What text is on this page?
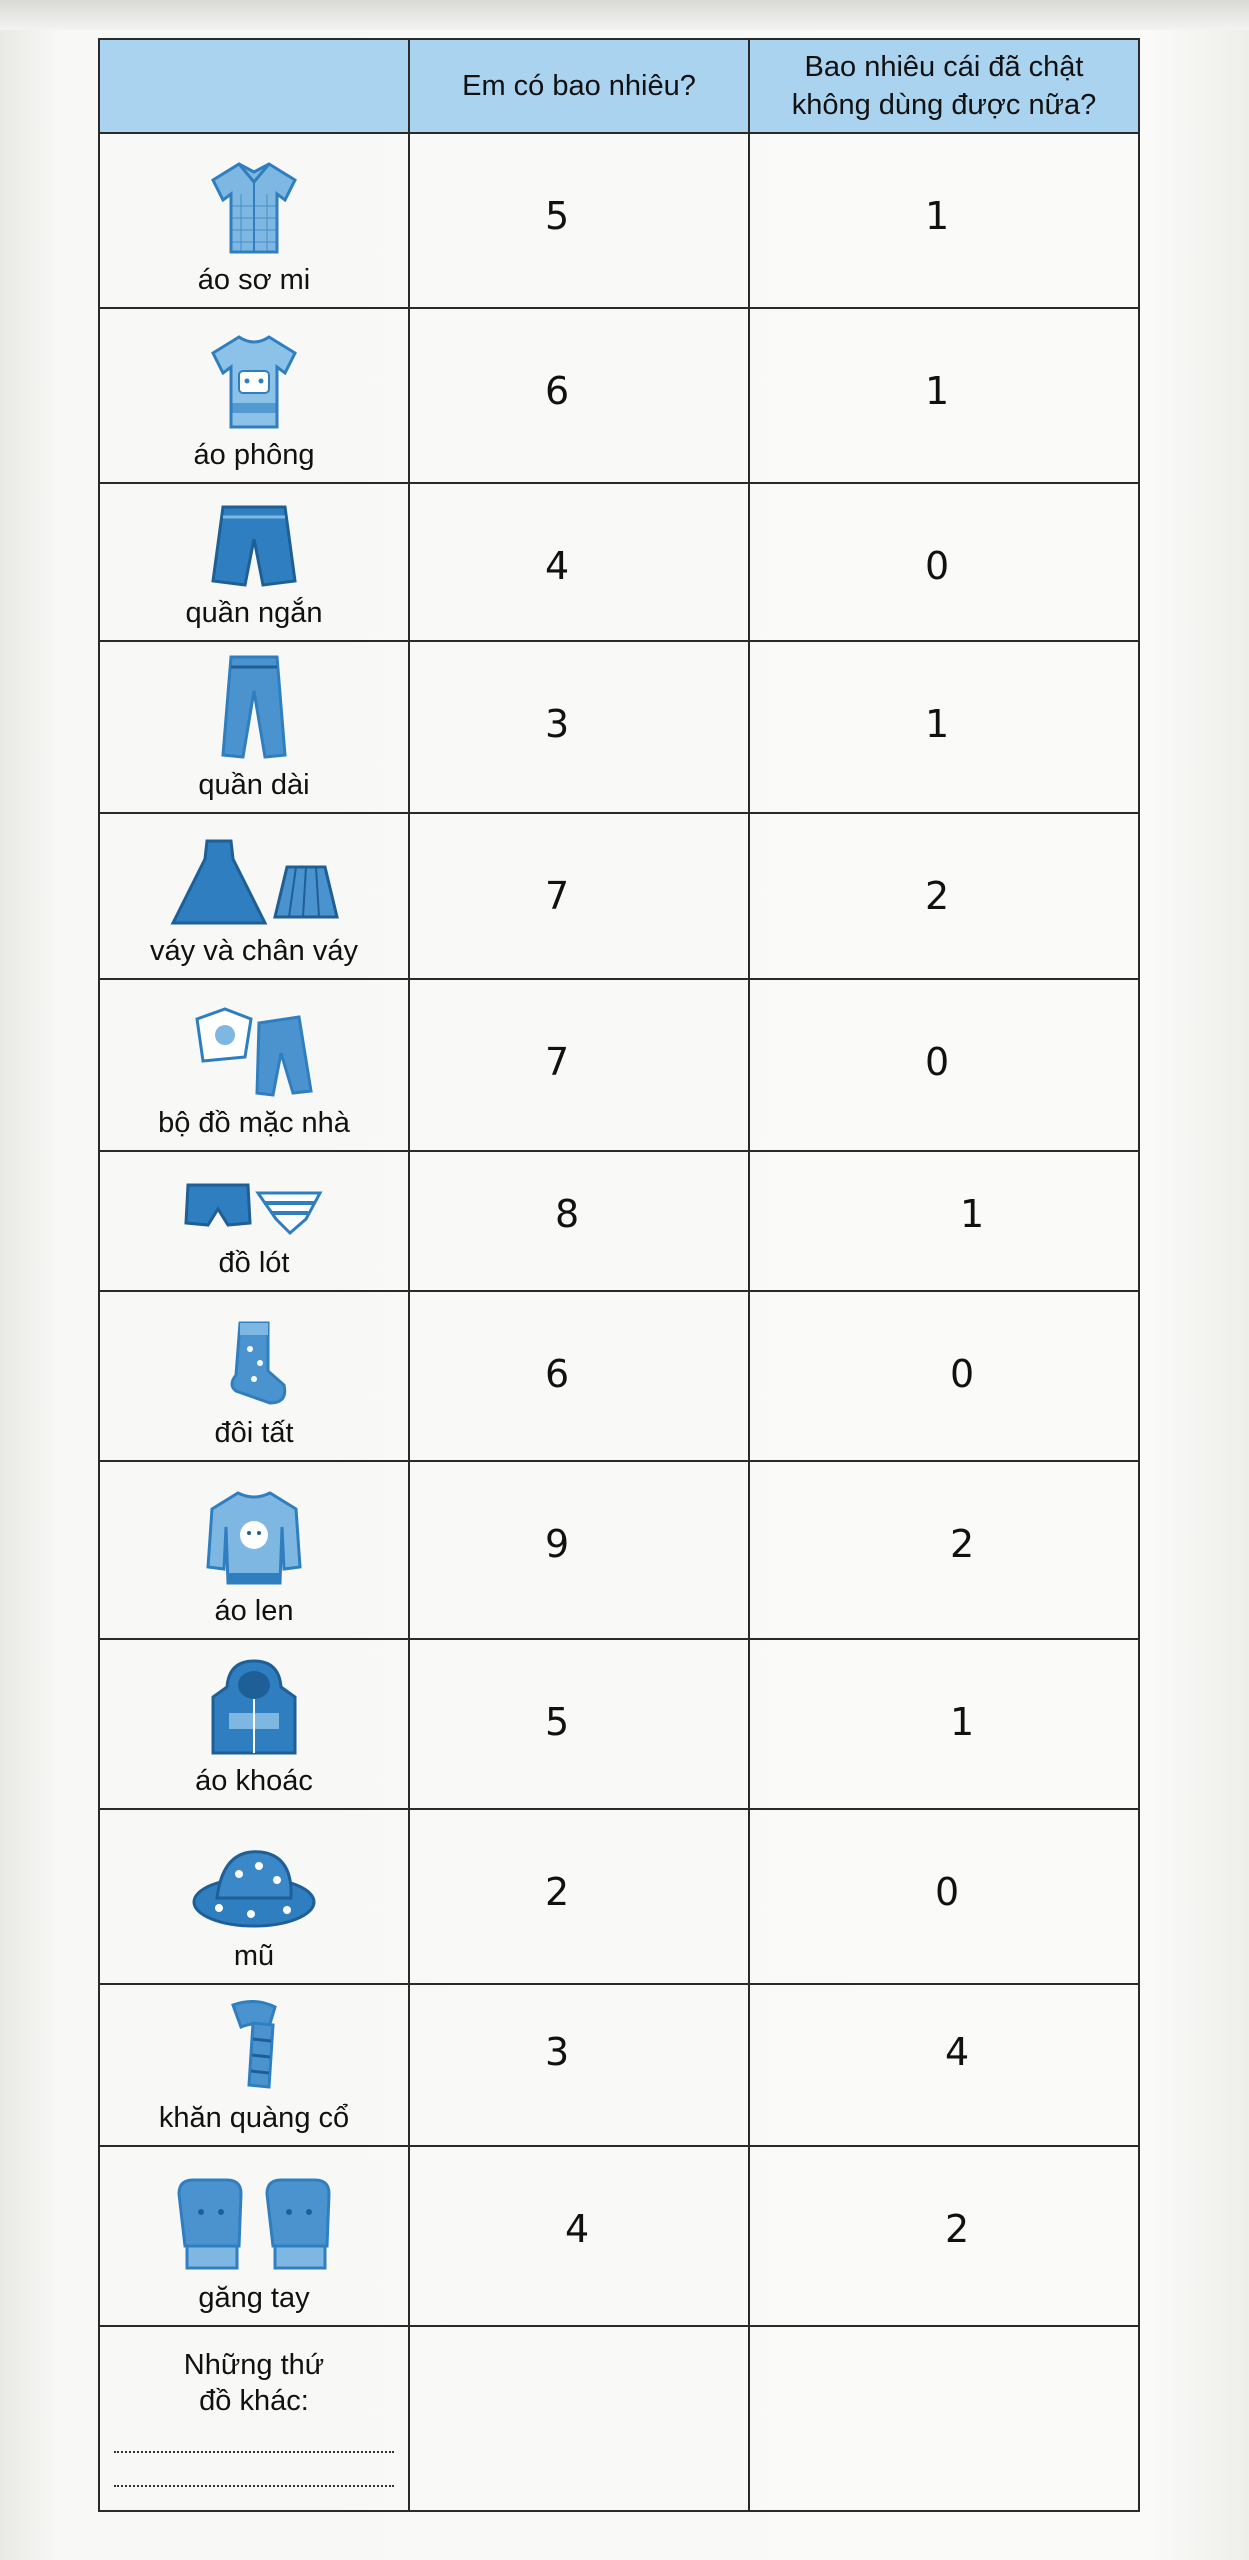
	Em có bao nhiêu?	Bao nhiêu cái đã chật không dùng được nữa?

áo sơ mi	5	1

áo phông	6	1

quần ngắn	4	0

quần dài	3	1

váy và chân váy	7	2

bộ đồ mặc nhà	7	0

đồ lót	8	1

đôi tất	6	0

áo len	9	2

áo khoác	5	1

mũ	2	0

khăn quàng cổ	3	4

găng tay	4	2

Những thứ
đồ khác:		
